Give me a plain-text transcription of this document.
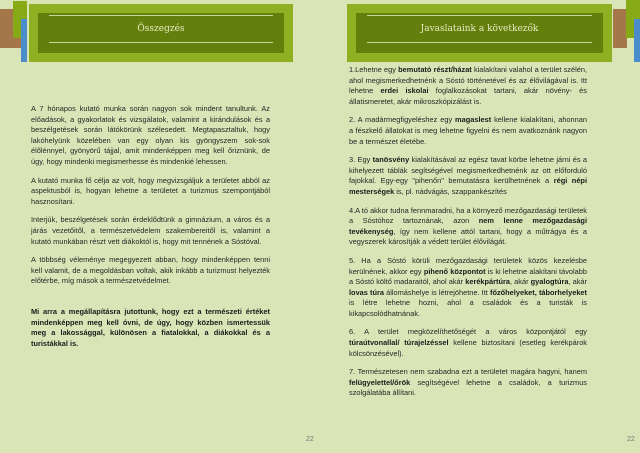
Összegzés

A 7 hónapos kutató munka során nagyon sok mindent tanultunk. Az előadások, a gyakorlatok és vizsgálatok, valamint a kirándulások és a beszélgetések során látókörünk szélesedett. Megtapasztaltuk, hogy lakóhelyünk közelében van egy olyan kis gyöngyszem sok-sok élőlénnyel, gyönyörű tájjal, amit mindenképpen meg kell őriznünk, de úgy, hogy mindenki megismerhesse és mindenkié lehessen.

A kutató munka fő célja az volt, hogy megvizsgáljuk a területet abból az aspektusból is, hogyan lehetne a területet a turizmus szempontjából hasznosítani.

Interjúk, beszélgetések során érdeklődtünk a gimnázium, a város és a járás vezetőitől, a természetvédelem szakembereitől is, valamint a kutató munkában részt vett diákoktól is, hogy mit tennének a Sóstóval.

A többség véleménye megegyezett abban, hogy mindenképpen tenni kell valamit, de a megoldásban voltak, akik inkább a turizmust helyezték előtérbe, míg mások a természetvédelmet.

Mi arra a megállapításra jutottunk, hogy ezt a természeti értéket mindenképpen meg kell óvni, de úgy, hogy közben ismertessük meg a lakossággal, különösen a fiatalokkal, a diákokkal és a turistákkal is.

22
Javaslataink a következők

1.Lehetne egy bemutató részt/házat kialakítani valahol a terület szélén, ahol megismerkedhetnénk a Sóstó történetével és az élővilágával is. Itt lehetne erdei iskolai foglalkozásokat tartani, akár növény- és állatismeretet, akár mikroszkópizálást is.

2. A madármegfigyeléshez egy magaslest kellene kialakítani, ahonnan a fészkelő állatokat is meg lehetne figyelni és nem avatkoznánk nagyon be a természet életébe.

3. Egy tanösvény kialakításával az egész tavat körbe lehetne járni és a kihelyezett táblák segítségével megismerkedhetnénk az ott előforduló fajokkal. Egy-egy "pihenőn" bemutatásra kerülhetnének a régi népi mesterségek is, pl. nádvágás, szappankészítés

4.A tó akkor tudna fennmaradni, ha a környező mezőgazdasági területek a Sóstóhoz tartoznának, azon nem lenne mezőgazdasági tevékenység, így nem kellene attól tartani, hogy a műtrágya és a vegyszerek károsítják a védett terület élővilágát.

5. Ha a Sóstó körüli mezőgazdasági területek közös kezelésbe kerülnének, akkor egy pihenő központot is ki lehetne alakítani távolabb a Sóstó költő madaraitól, ahol akár kerékpártúra, akár gyalogtúra, akár lovas túra állomáshelye is létrejöhetne. Itt főzőhelyeket, táborhelyeket is létre lehetne hozni, ahol a családok és a turisták is kikapcsolódhatnának.

6. A terület megközelíthetőségét a város központjától egy túraútvonallal/ túrajelzéssel kellene biztosítani (esetleg kerékpárok kölcsönzésével).

7. Természetesen nem szabadna ezt a területet magára hagyni, hanem felügyelettel/őrök segítségével lehetne a családok, a turizmus szolgálatába állítani.

22
